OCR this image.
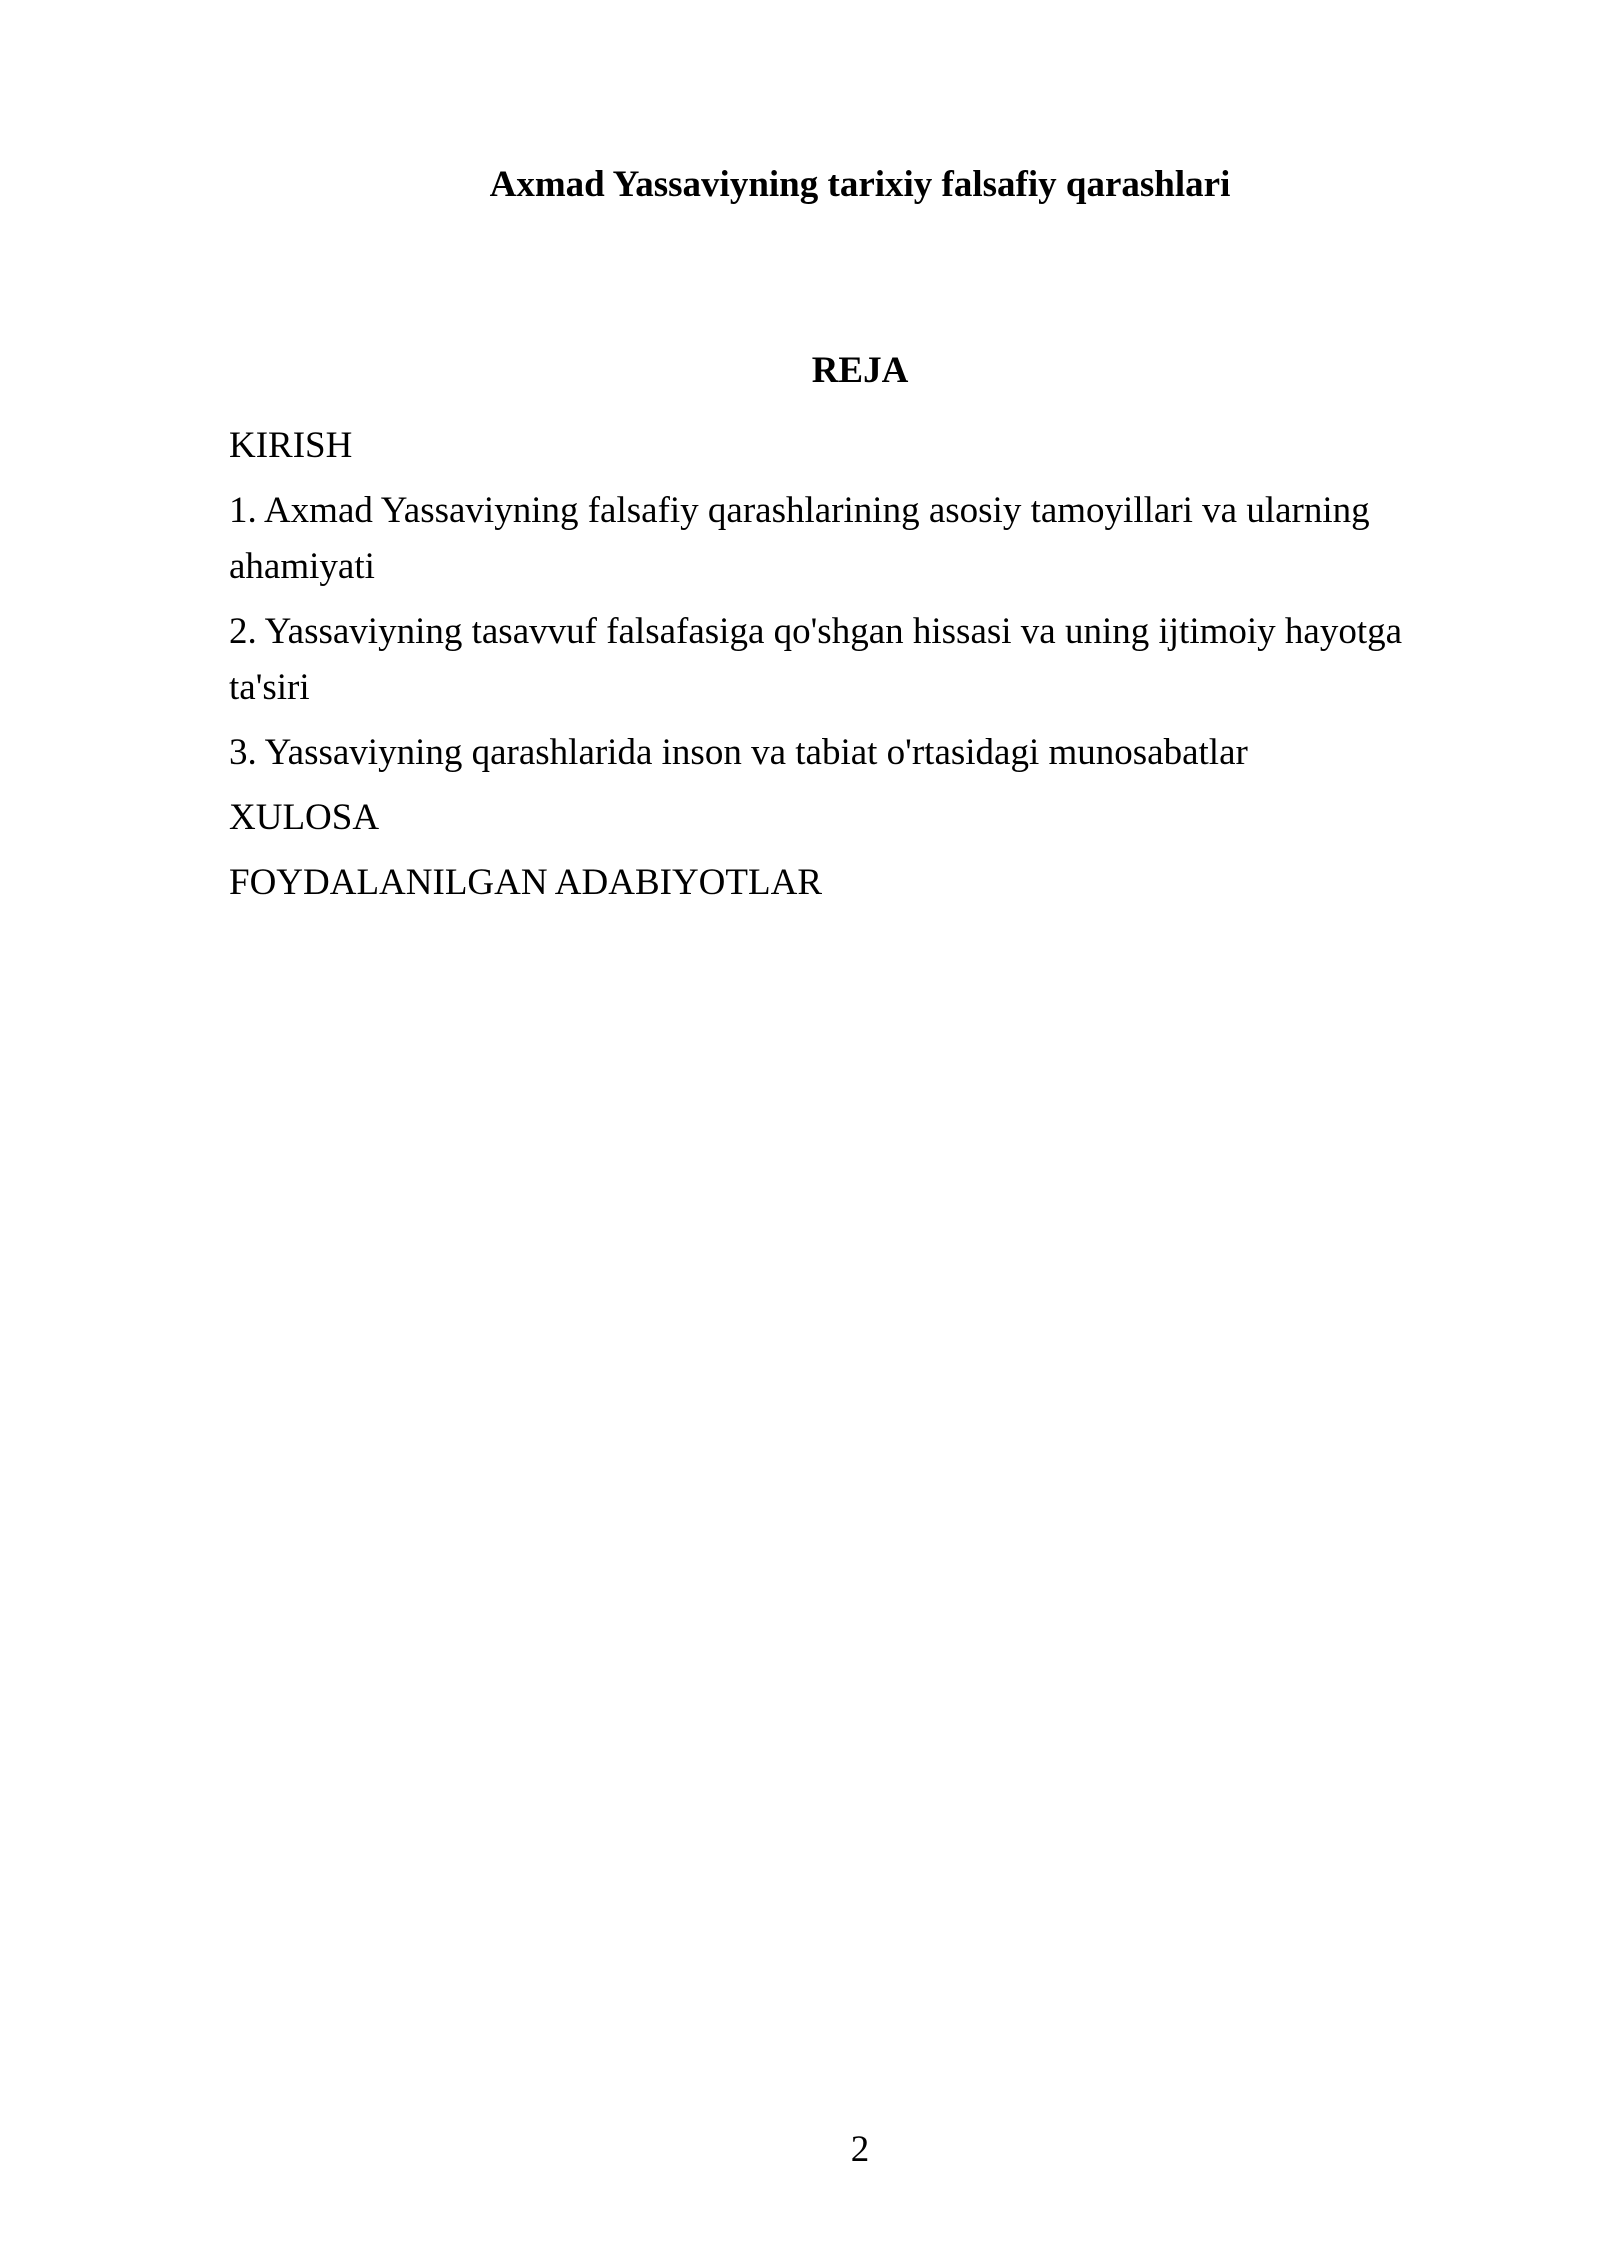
Axmad Yassaviyning tarixiy falsafiy qarashlari
REJA
KIRISH
1. Axmad Yassaviyning falsafiy qarashlarining asosiy tamoyillari va ularning ahamiyati
2. Yassaviyning tasavvuf falsafasiga qo'shgan hissasi va uning ijtimoiy hayotga ta'siri
3. Yassaviyning qarashlarida inson va tabiat o'rtasidagi munosabatlar
XULOSA
FOYDALANILGAN ADABIYOTLAR
2
